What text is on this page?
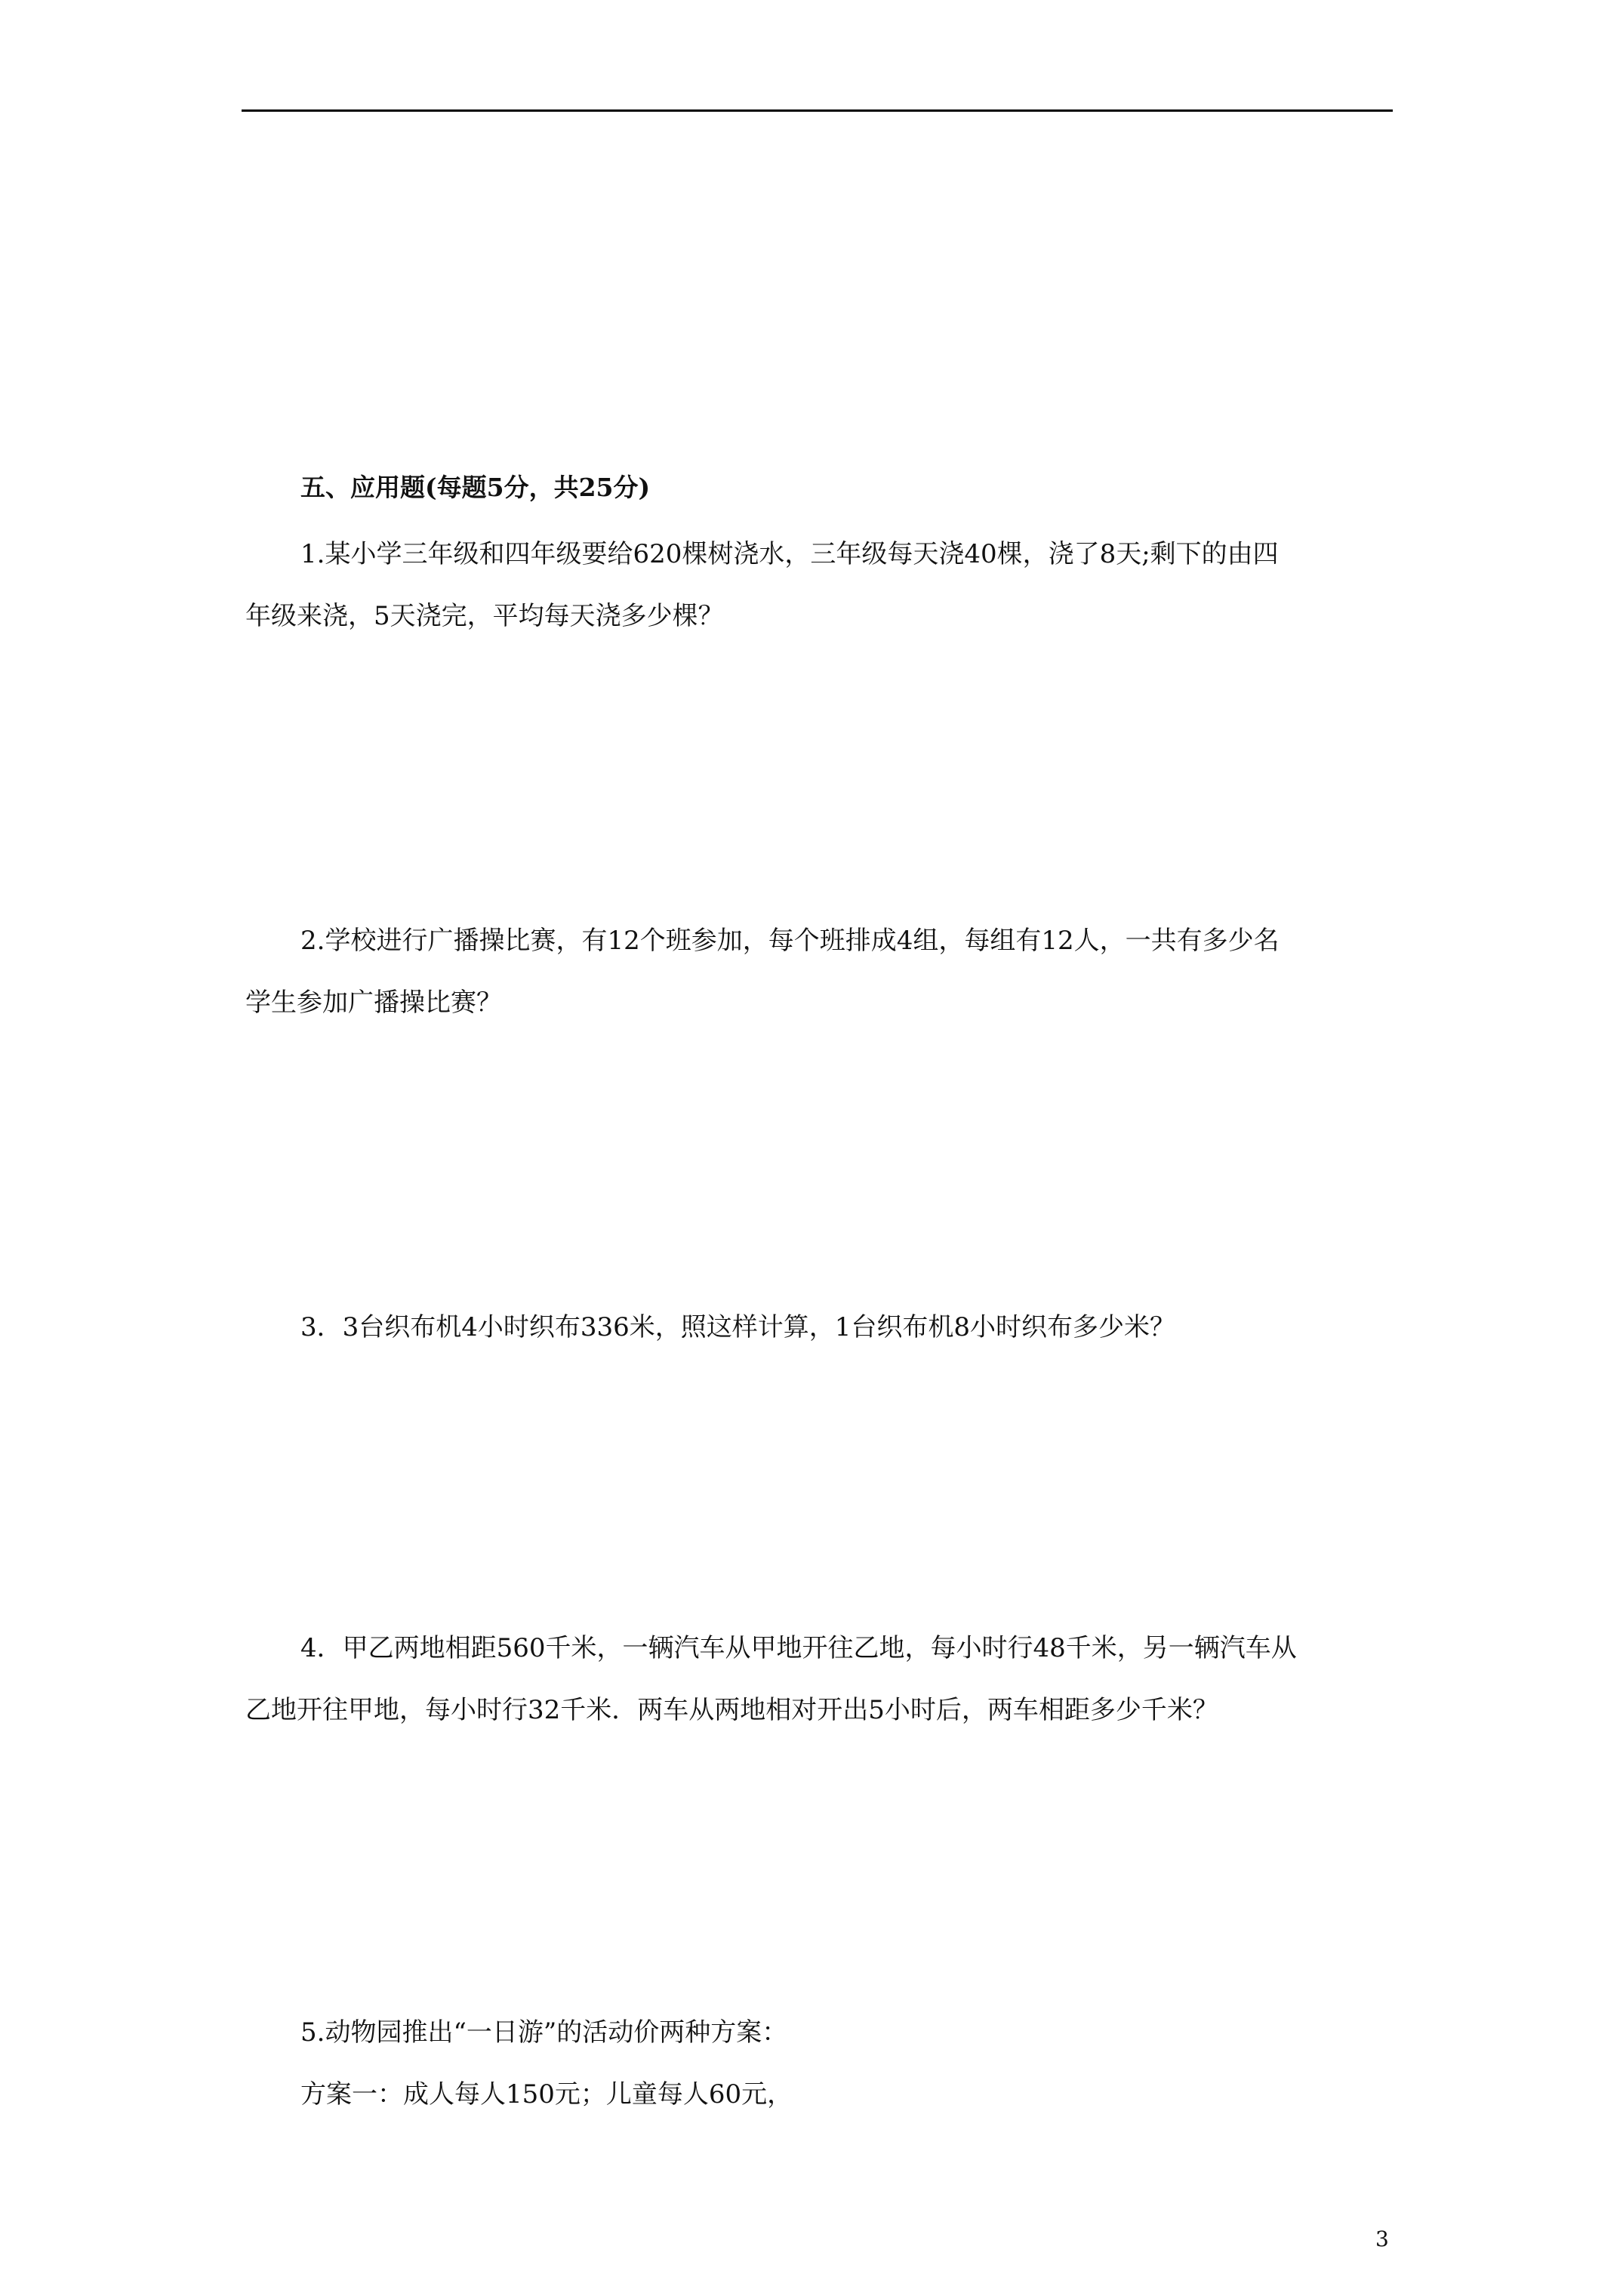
五、应用题(每题5分，共25分)
1.某小学三年级和四年级要给620棵树浇水，三年级每天浇40棵，浇了8天;剩下的由四
年级来浇，5天浇完，平均每天浇多少棵？
2.学校进行广播操比赛，有12个班参加，每个班排成4组，每组有12人，一共有多少名
学生参加广播操比赛？
3．3台织布机4小时织布336米，照这样计算，1台织布机8小时织布多少米？
4．甲乙两地相距560千米，一辆汽车从甲地开往乙地，每小时行48千米，另一辆汽车从
乙地开往甲地，每小时行32千米．两车从两地相对开出5小时后，两车相距多少千米？
5.动物园推出“一日游”的活动价两种方案：
方案一：成人每人150元；儿童每人60元，
3
